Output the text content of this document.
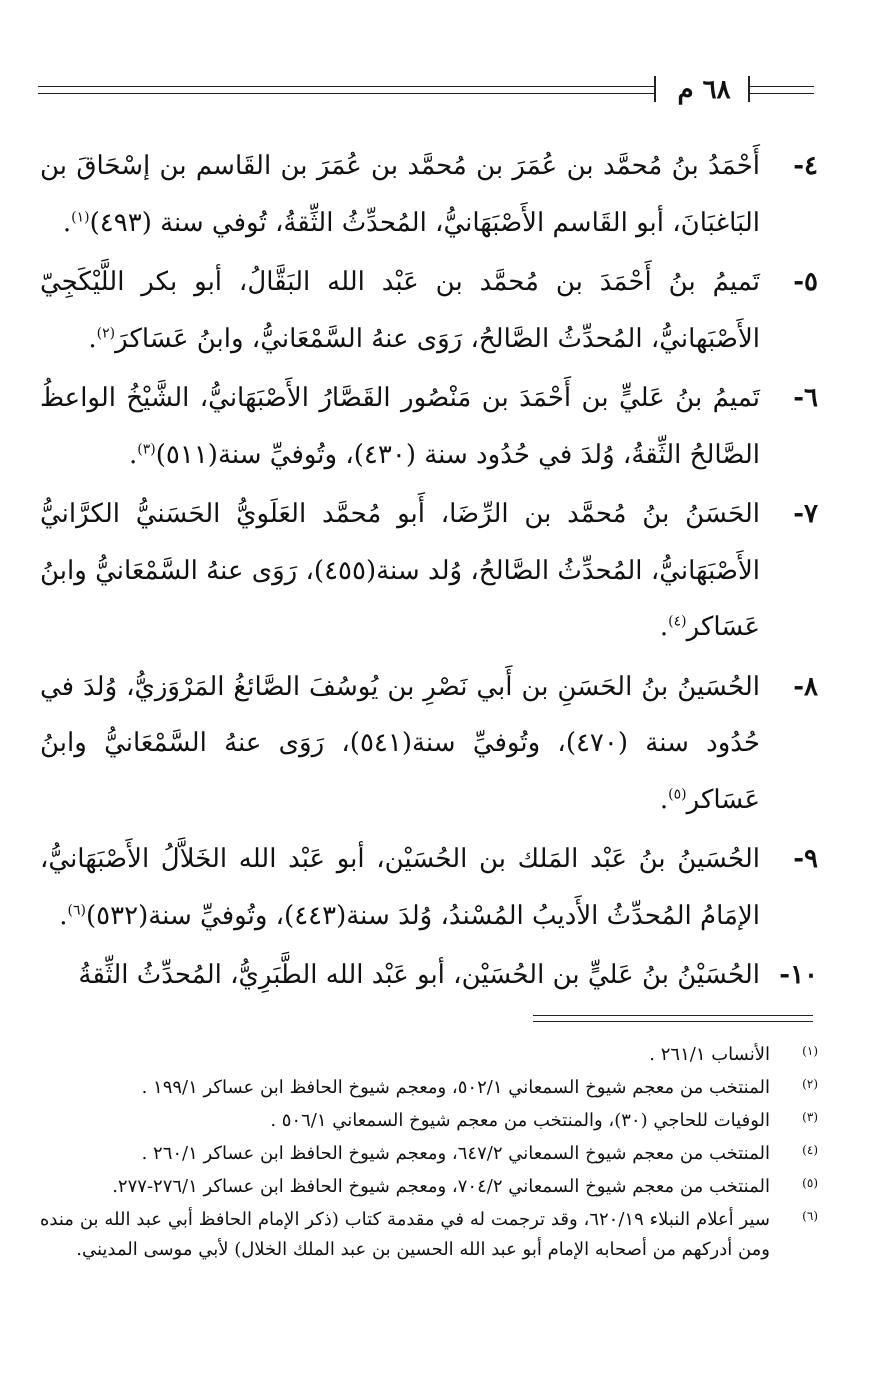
٦٨ م

٤-
أَحْمَدُ بنُ مُحمَّد بن عُمَرَ بن مُحمَّد بن عُمَرَ بن القَاسم بن إسْحَاقَ بن البَاغبَانَ، أبو القَاسم الأَصْبَهَانيُّ، المُحدِّثُ الثِّقةُ، تُوفي سنة (٤٩٣)$^{(١)}$.

٥-
تَميمُ بنُ أَحْمَدَ بن مُحمَّد بن عَبْد الله البَقَّالُ، أبو بكر اللَّيْكَجِيّ الأَصْبَهانيُّ، المُحدِّثُ الصَّالحُ، رَوَى عنهُ السَّمْعَانيُّ، وابنُ عَسَاكرَ$^{(٢)}$.

٦-
تَميمُ بنُ عَليٍّ بن أَحْمَدَ بن مَنْصُور القَصَّارُ الأَصْبَهَانيُّ، الشَّيْخُ الواعظُ الصَّالحُ الثِّقةُ، وُلدَ في حُدُود سنة (٤٣٠)، وتُوفيِّ سنة(٥١١)$^{(٣)}$.

٧-
الحَسَنُ بنُ مُحمَّد بن الرِّضَا، أَبو مُحمَّد العَلَويُّ الحَسَنيُّ الكرَّانيُّ الأَصْبَهَانيُّ، المُحدِّثُ الصَّالحُ، وُلد سنة(٤٥٥)، رَوَى عنهُ السَّمْعَانيُّ وابنُ عَسَاكر$^{(٤)}$.

٨-
الحُسَينُ بنُ الحَسَنِ بن أَبي نَصْرِ بن يُوسُفَ الصَّائغُ المَرْوَزيُّ، وُلدَ في حُدُود سنة (٤٧٠)، وتُوفيِّ سنة(٥٤١)، رَوَى عنهُ السَّمْعَانيُّ وابنُ عَسَاكر$^{(٥)}$.

٩-
الحُسَينُ بنُ عَبْد المَلك بن الحُسَيْن، أبو عَبْد الله الخَلاَّلُ الأَصْبَهَانيُّ، الإمَامُ المُحدِّثُ الأَديبُ المُسْندُ، وُلدَ سنة(٤٤٣)، وتُوفيِّ سنة(٥٣٢)$^{(٦)}$.

١٠-
الحُسَيْنُ بنُ عَليٍّ بن الحُسَيْن، أبو عَبْد الله الطَّبَرِيُّ، المُحدِّثُ الثِّقةُ

(١)
الأنساب ٢٦١/١ .

(٢)
المنتخب من معجم شيوخ السمعاني ٥٠٢/١، ومعجم شيوخ الحافظ ابن عساكر ١٩٩/١ .

(٣)
الوفيات للحاجي (٣٠)، والمنتخب من معجم شيوخ السمعاني ٥٠٦/١ .

(٤)
المنتخب من معجم شيوخ السمعاني ٦٤٧/٢، ومعجم شيوخ الحافظ ابن عساكر ٢٦٠/١ .

(٥)
المنتخب من معجم شيوخ السمعاني ٧٠٤/٢، ومعجم شيوخ الحافظ ابن عساكر ٢٧٦/١-٢٧٧.

(٦)
سير أعلام النبلاء ٦٢٠/١٩، وقد ترجمت له في مقدمة كتاب (ذكر الإمام الحافظ أبي عبد الله بن منده ومن أدركهم من أصحابه الإمام أبو عبد الله الحسين بن عبد الملك الخلال) لأبي موسى المديني.
